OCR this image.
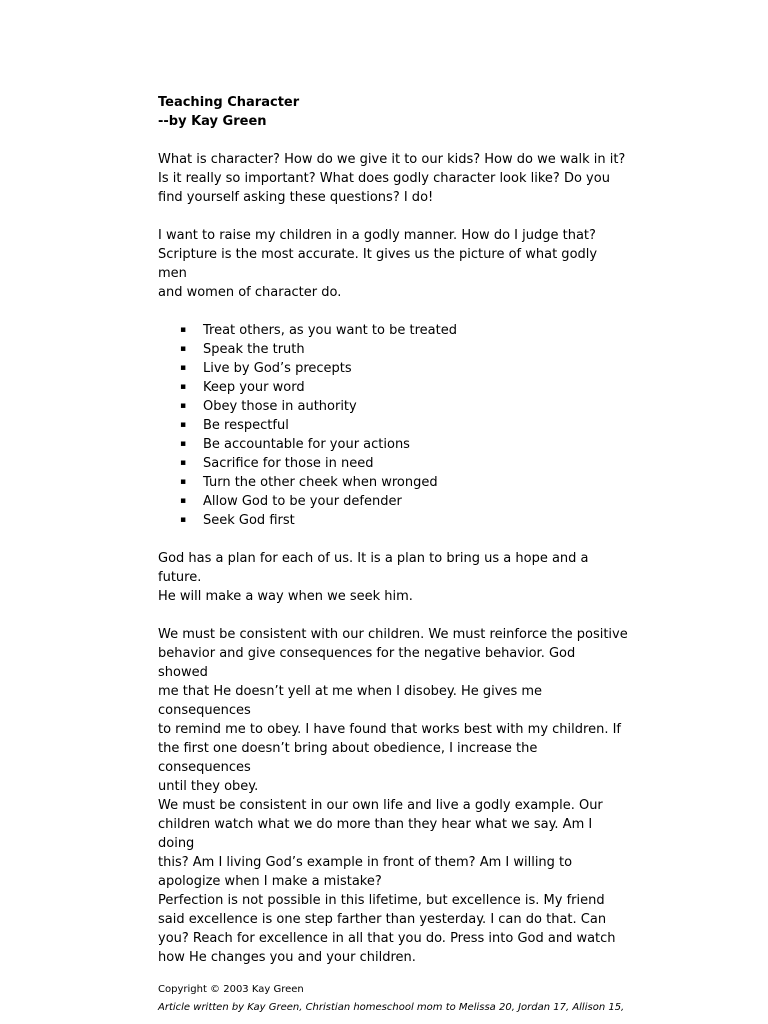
Teaching Character
--by Kay Green

What is character? How do we give it to our kids? How do we walk in it?

Is it really so important? What does godly character look like? Do you

find yourself asking these questions? I do!

I want to raise my children in a godly manner. How do I judge that?

Scripture is the most accurate. It gives us the picture of what godly men

and women of character do.

▪ Treat others, as you want to be treated
▪ Speak the truth
▪ Live by God’s precepts
▪ Keep your word
▪ Obey those in authority
▪ Be respectful
▪ Be accountable for your actions
▪ Sacrifice for those in need
▪ Turn the other cheek when wronged
▪ Allow God to be your defender
▪ Seek God first

God has a plan for each of us. It is a plan to bring us a hope and a future.

He will make a way when we seek him.

We must be consistent with our children. We must reinforce the positive

behavior and give consequences for the negative behavior. God showed

me that He doesn’t yell at me when I disobey. He gives me consequences

to remind me to obey. I have found that works best with my children. If

the first one doesn’t bring about obedience, I increase the consequences

until they obey.

We must be consistent in our own life and live a godly example. Our

children watch what we do more than they hear what we say. Am I doing

this? Am I living God’s example in front of them? Am I willing to

apologize when I make a mistake?

Perfection is not possible in this lifetime, but excellence is. My friend

said excellence is one step farther than yesterday. I can do that. Can

you? Reach for excellence in all that you do. Press into God and watch

how He changes you and your children.

Copyright © 2003 Kay Green
Article written by Kay Green, Christian homeschool mom to Melissa 20, Jordan 17, Allison 15,
